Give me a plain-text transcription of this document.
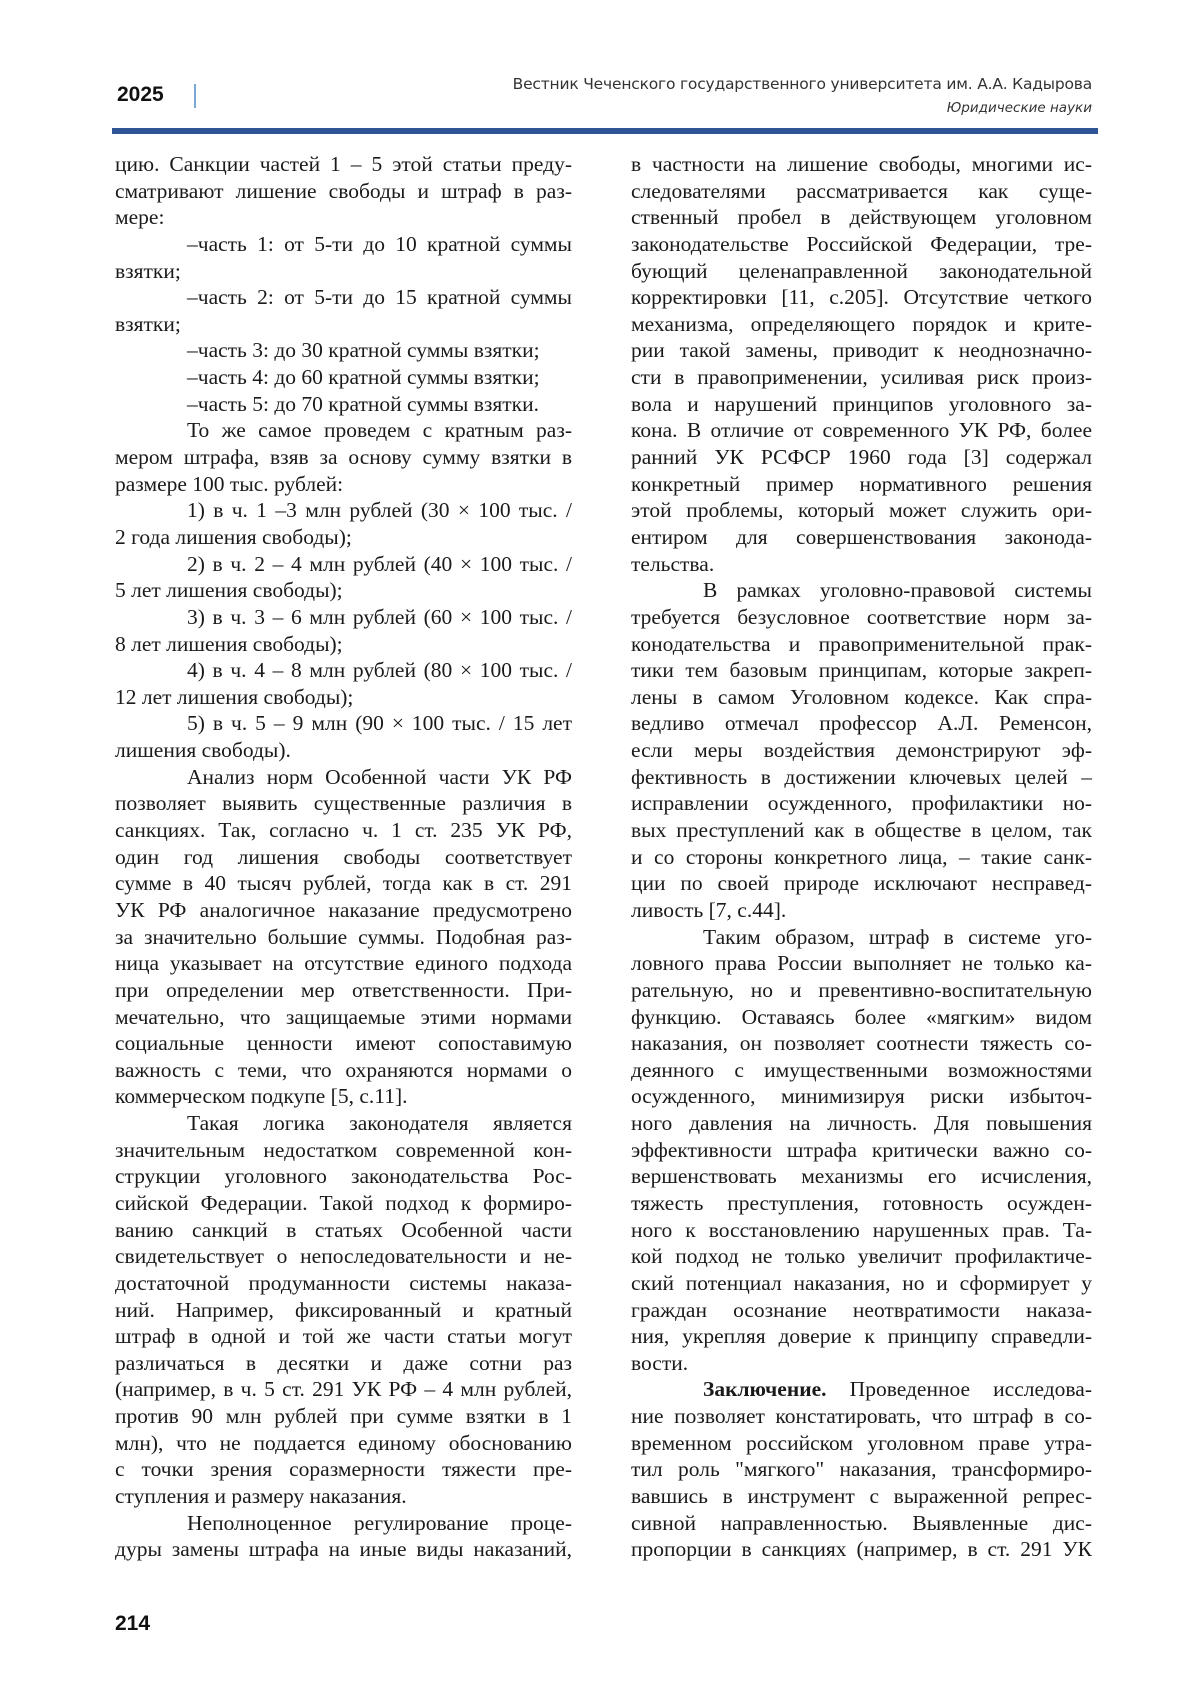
2025	Вестник Чеченского государственного университета им. А.А. Кадырова
Юридические науки
цию. Санкции частей 1 – 5 этой статьи преду-
сматривают лишение свободы и штраф в раз-
мере:
–часть 1: от 5-ти до 10 кратной суммы
взятки;
–часть 2: от 5-ти до 15 кратной суммы
взятки;
–часть 3: до 30 кратной суммы взятки;
–часть 4: до 60 кратной суммы взятки;
–часть 5: до 70 кратной суммы взятки.
То же самое проведем с кратным раз-
мером штрафа, взяв за основу сумму взятки в
размере 100 тыс. рублей:
1) в ч. 1 –3 млн рублей (30 × 100 тыс. /
2 года лишения свободы);
2) в ч. 2 – 4 млн рублей (40 × 100 тыс. /
5 лет лишения свободы);
3) в ч. 3 – 6 млн рублей (60 × 100 тыс. /
8 лет лишения свободы);
4) в ч. 4 – 8 млн рублей (80 × 100 тыс. /
12 лет лишения свободы);
5) в ч. 5 – 9 млн (90 × 100 тыс. / 15 лет
лишения свободы).
Анализ норм Особенной части УК РФ
позволяет выявить существенные различия в
санкциях. Так, согласно ч. 1 ст. 235 УК РФ,
один год лишения свободы соответствует
сумме в 40 тысяч рублей, тогда как в ст. 291
УК РФ аналогичное наказание предусмотрено
за значительно большие суммы. Подобная раз-
ница указывает на отсутствие единого подхода
при определении мер ответственности. При-
мечательно, что защищаемые этими нормами
социальные ценности имеют сопоставимую
важность с теми, что охраняются нормами о
коммерческом подкупе [5, с.11].
Такая логика законодателя является
значительным недостатком современной кон-
струкции уголовного законодательства Рос-
сийской Федерации. Такой подход к формиро-
ванию санкций в статьях Особенной части
свидетельствует о непоследовательности и не-
достаточной продуманности системы наказа-
ний. Например, фиксированный и кратный
штраф в одной и той же части статьи могут
различаться в десятки и даже сотни раз
(например, в ч. 5 ст. 291 УК РФ – 4 млн рублей,
против 90 млн рублей при сумме взятки в 1
млн), что не поддается единому обоснованию
с точки зрения соразмерности тяжести пре-
ступления и размеру наказания.
Неполноценное регулирование проце-
дуры замены штрафа на иные виды наказаний,
в частности на лишение свободы, многими ис-
следователями рассматривается как суще-
ственный пробел в действующем уголовном
законодательстве Российской Федерации, тре-
бующий целенаправленной законодательной
корректировки [11, с.205]. Отсутствие четкого
механизма, определяющего порядок и крите-
рии такой замены, приводит к неоднозначно-
сти в правоприменении, усиливая риск произ-
вола и нарушений принципов уголовного за-
кона. В отличие от современного УК РФ, более
ранний УК РСФСР 1960 года [3] содержал
конкретный пример нормативного решения
этой проблемы, который может служить ори-
ентиром для совершенствования законода-
тельства.
В рамках уголовно-правовой системы
требуется безусловное соответствие норм за-
конодательства и правоприменительной прак-
тики тем базовым принципам, которые закреп-
лены в самом Уголовном кодексе. Как спра-
ведливо отмечал профессор А.Л. Ременсон,
если меры воздействия демонстрируют эф-
фективность в достижении ключевых целей –
исправлении осужденного, профилактики но-
вых преступлений как в обществе в целом, так
и со стороны конкретного лица, – такие санк-
ции по своей природе исключают несправед-
ливость [7, с.44].
Таким образом, штраф в системе уго-
ловного права России выполняет не только ка-
рательную, но и превентивно-воспитательную
функцию. Оставаясь более «мягким» видом
наказания, он позволяет соотнести тяжесть со-
деянного с имущественными возможностями
осужденного, минимизируя риски избыточ-
ного давления на личность. Для повышения
эффективности штрафа критически важно со-
вершенствовать механизмы его исчисления,
тяжесть преступления, готовность осужден-
ного к восстановлению нарушенных прав. Та-
кой подход не только увеличит профилактиче-
ский потенциал наказания, но и сформирует у
граждан осознание неотвратимости наказа-
ния, укрепляя доверие к принципу справедли-
вости.
Заключение. Проведенное исследова-
ние позволяет констатировать, что штраф в со-
временном российском уголовном праве утра-
тил роль "мягкого" наказания, трансформиро-
вавшись в инструмент с выраженной репрес-
сивной направленностью. Выявленные дис-
пропорции в санкциях (например, в ст. 291 УК
214
